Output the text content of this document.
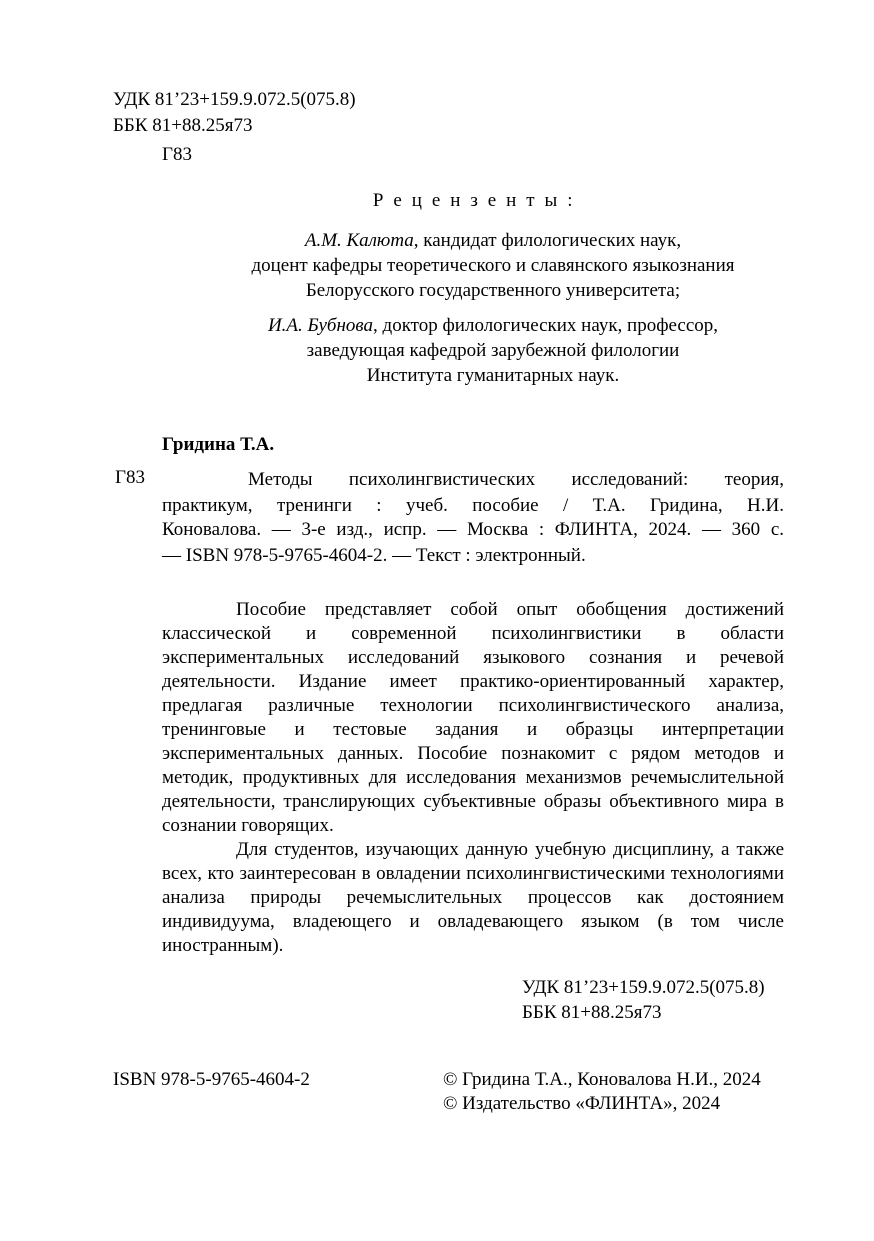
УДК 81’23+159.9.072.5(075.8)

ББК 81+88.25я73

Г83

Р е ц е н з е н т ы :

А.М. Калюта, кандидат филологических наук,

доцент кафедры теоретического и славянского языкознания

Белорусского государственного университета;

И.А. Бубнова, доктор филологических наук, профессор,

заведующая кафедрой зарубежной филологии

Института гуманитарных наук.

Гридина Т.А.

Г83	Методы психолингвистических исследований: теория,

практикум, тренинги : учеб. пособие / Т.А. Гридина, Н.И.

Коновалова. — 3-е изд., испр. — Москва : ФЛИНТА, 2024. — 360 с.

— ISBN 978-5-9765-4604-2. — Текст : электронный.

Пособие представляет собой опыт обобщения достижений

классической и современной психолингвистики в области

экспериментальных исследований языкового сознания и речевой

деятельности. Издание имеет практико-ориентированный характер,

предлагая различные технологии психолингвистического анализа,

тренинговые и тестовые задания и образцы интерпретации

экспериментальных данных. Пособие познакомит с рядом методов и

методик, продуктивных для исследования механизмов речемыслительной

деятельности, транслирующих субъективные образы объективного мира в

сознании говорящих.

Для студентов, изучающих данную учебную дисциплину, а также

всех, кто заинтересован в овладении психолингвистическими технологиями

анализа природы речемыслительных процессов как достоянием

индивидуума, владеющего и овладевающего языком (в том числе

иностранным).

УДК 81’23+159.9.072.5(075.8)

ББК 81+88.25я73

ISBN 978-5-9765-4604-2	© Гридина Т.А., Коновалова Н.И., 2024

© Издательство «ФЛИНТА», 2024
